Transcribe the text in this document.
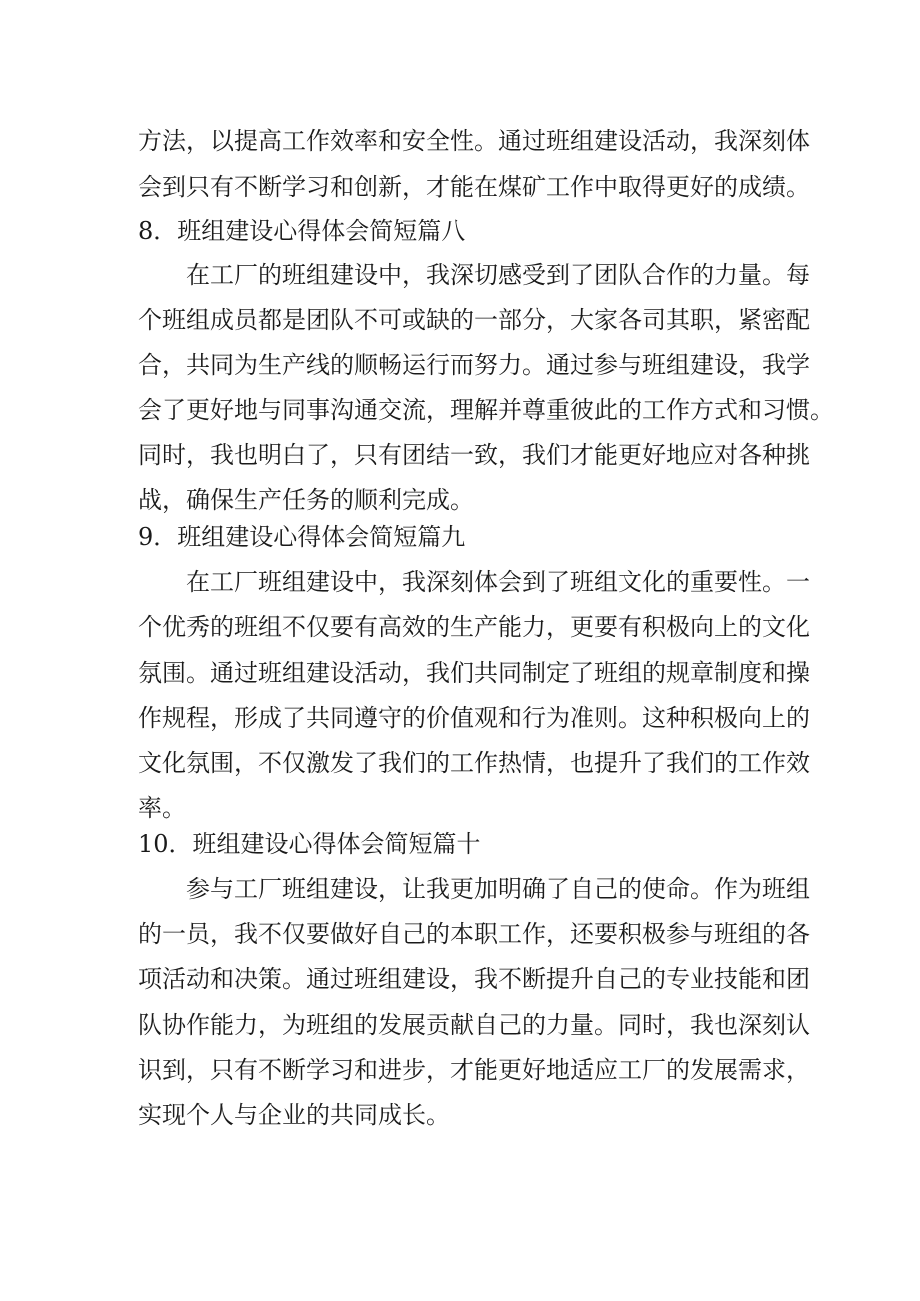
方法，以提高工作效率和安全性。通过班组建设活动，我深刻体
会到只有不断学习和创新，才能在煤矿工作中取得更好的成绩。
8．班组建设心得体会简短篇八
在工厂的班组建设中，我深切感受到了团队合作的力量。每
个班组成员都是团队不可或缺的一部分，大家各司其职，紧密配
合，共同为生产线的顺畅运行而努力。通过参与班组建设，我学
会了更好地与同事沟通交流，理解并尊重彼此的工作方式和习惯。
同时，我也明白了，只有团结一致，我们才能更好地应对各种挑
战，确保生产任务的顺利完成。
9．班组建设心得体会简短篇九
在工厂班组建设中，我深刻体会到了班组文化的重要性。一
个优秀的班组不仅要有高效的生产能力，更要有积极向上的文化
氛围。通过班组建设活动，我们共同制定了班组的规章制度和操
作规程，形成了共同遵守的价值观和行为准则。这种积极向上的
文化氛围，不仅激发了我们的工作热情，也提升了我们的工作效
率。
10．班组建设心得体会简短篇十
参与工厂班组建设，让我更加明确了自己的使命。作为班组
的一员，我不仅要做好自己的本职工作，还要积极参与班组的各
项活动和决策。通过班组建设，我不断提升自己的专业技能和团
队协作能力，为班组的发展贡献自己的力量。同时，我也深刻认
识到，只有不断学习和进步，才能更好地适应工厂的发展需求，
实现个人与企业的共同成长。
